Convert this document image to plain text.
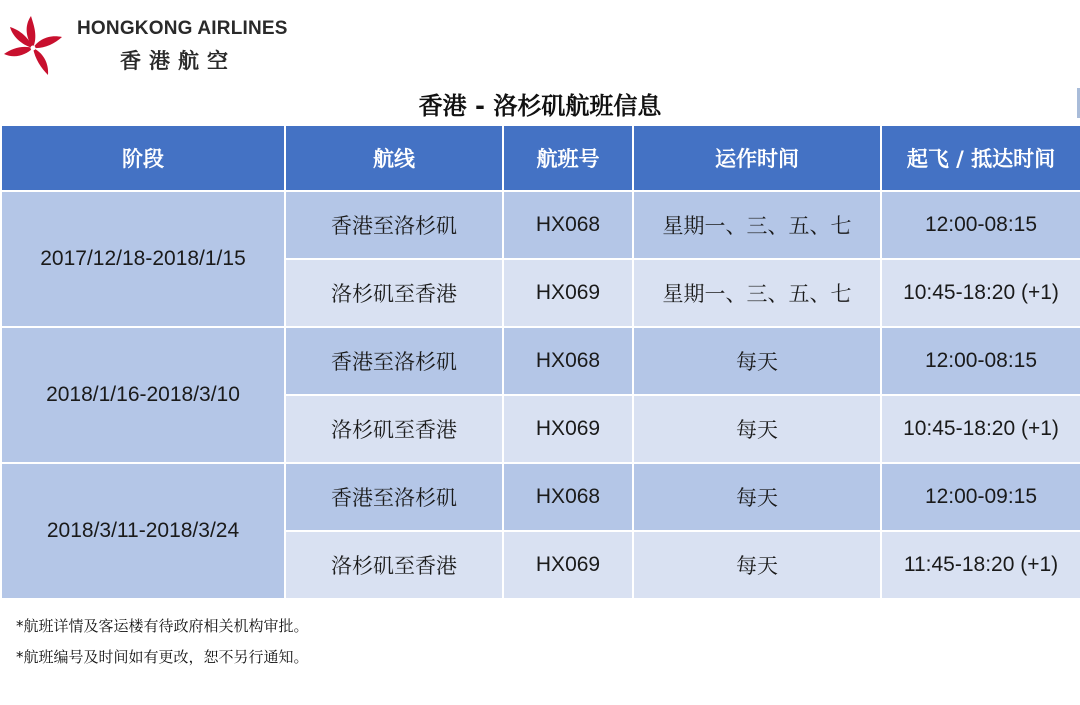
HONGKONG AIRLINES
香港航空
香港 - 洛杉矶航班信息
阶段	航线	航班号	运作时间	起飞 / 抵达时间
2017/12/18-2018/1/15	香港至洛杉矶	HX068	星期一、三、五、七	12:00-08:15
	洛杉矶至香港	HX069	星期一、三、五、七	10:45-18:20 (+1)
2018/1/16-2018/3/10	香港至洛杉矶	HX068	每天	12:00-08:15
	洛杉矶至香港	HX069	每天	10:45-18:20 (+1)
2018/3/11-2018/3/24	香港至洛杉矶	HX068	每天	12:00-09:15
	洛杉矶至香港	HX069	每天	11:45-18:20 (+1)
*航班详情及客运楼有待政府相关机构审批。
*航班编号及时间如有更改，恕不另行通知。
